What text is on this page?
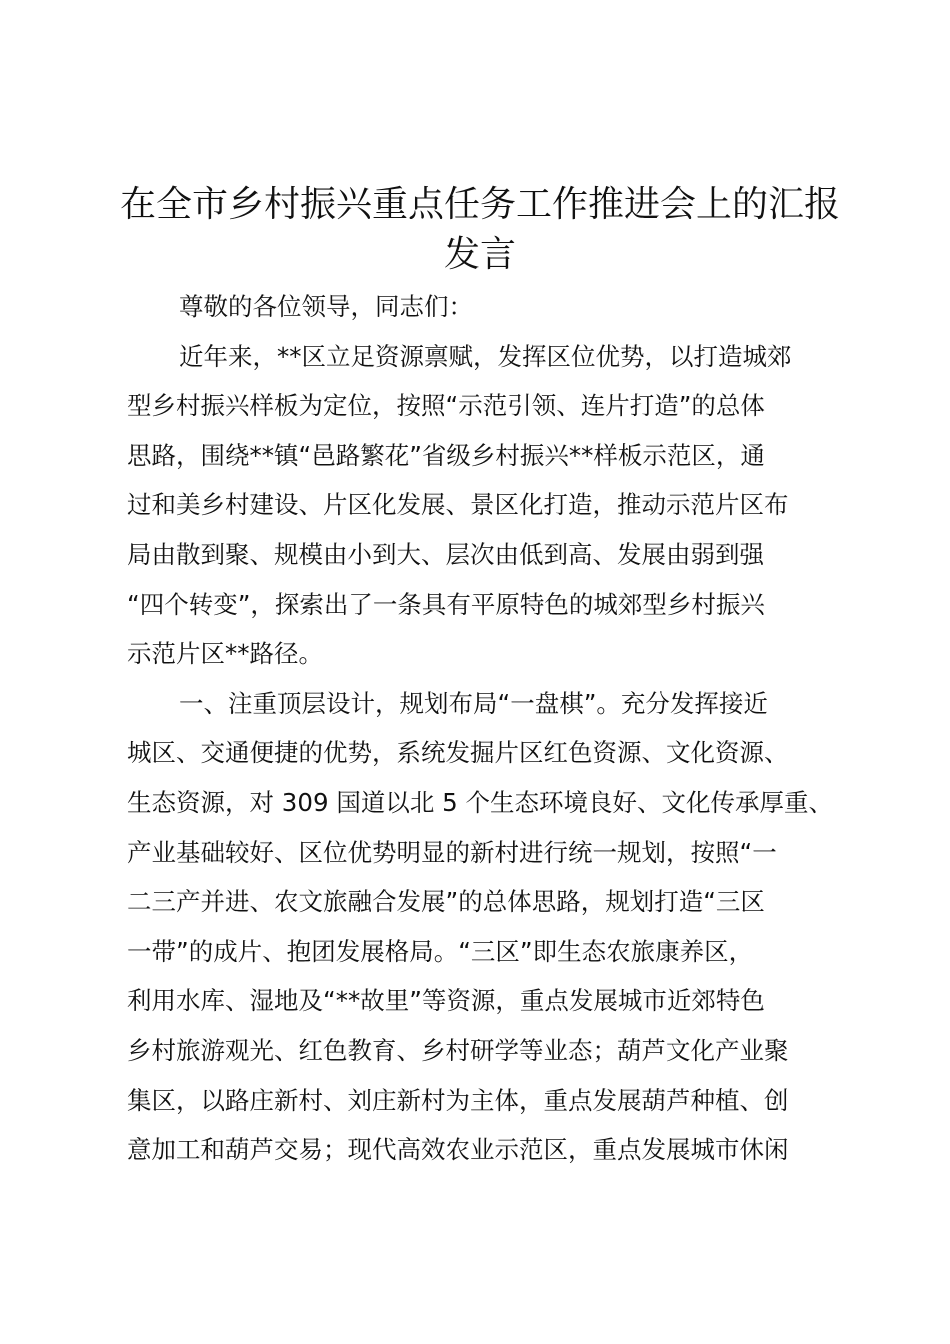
在全市乡村振兴重点任务工作推进会上的汇报
发言
尊敬的各位领导，同志们：
近年来，**区立足资源禀赋，发挥区位优势，以打造城郊
型乡村振兴样板为定位，按照“示范引领、连片打造”的总体
思路，围绕**镇“邑路繁花”省级乡村振兴**样板示范区，通
过和美乡村建设、片区化发展、景区化打造，推动示范片区布
局由散到聚、规模由小到大、层次由低到高、发展由弱到强
“四个转变”，探索出了一条具有平原特色的城郊型乡村振兴
示范片区**路径。
一、注重顶层设计，规划布局“一盘棋”。充分发挥接近
城区、交通便捷的优势，系统发掘片区红色资源、文化资源、
生态资源，对 309 国道以北 5 个生态环境良好、文化传承厚重、
产业基础较好、区位优势明显的新村进行统一规划，按照“一
二三产并进、农文旅融合发展”的总体思路，规划打造“三区
一带”的成片、抱团发展格局。“三区”即生态农旅康养区，
利用水库、湿地及“**故里”等资源，重点发展城市近郊特色
乡村旅游观光、红色教育、乡村研学等业态；葫芦文化产业聚
集区，以路庄新村、刘庄新村为主体，重点发展葫芦种植、创
意加工和葫芦交易；现代高效农业示范区，重点发展城市休闲
